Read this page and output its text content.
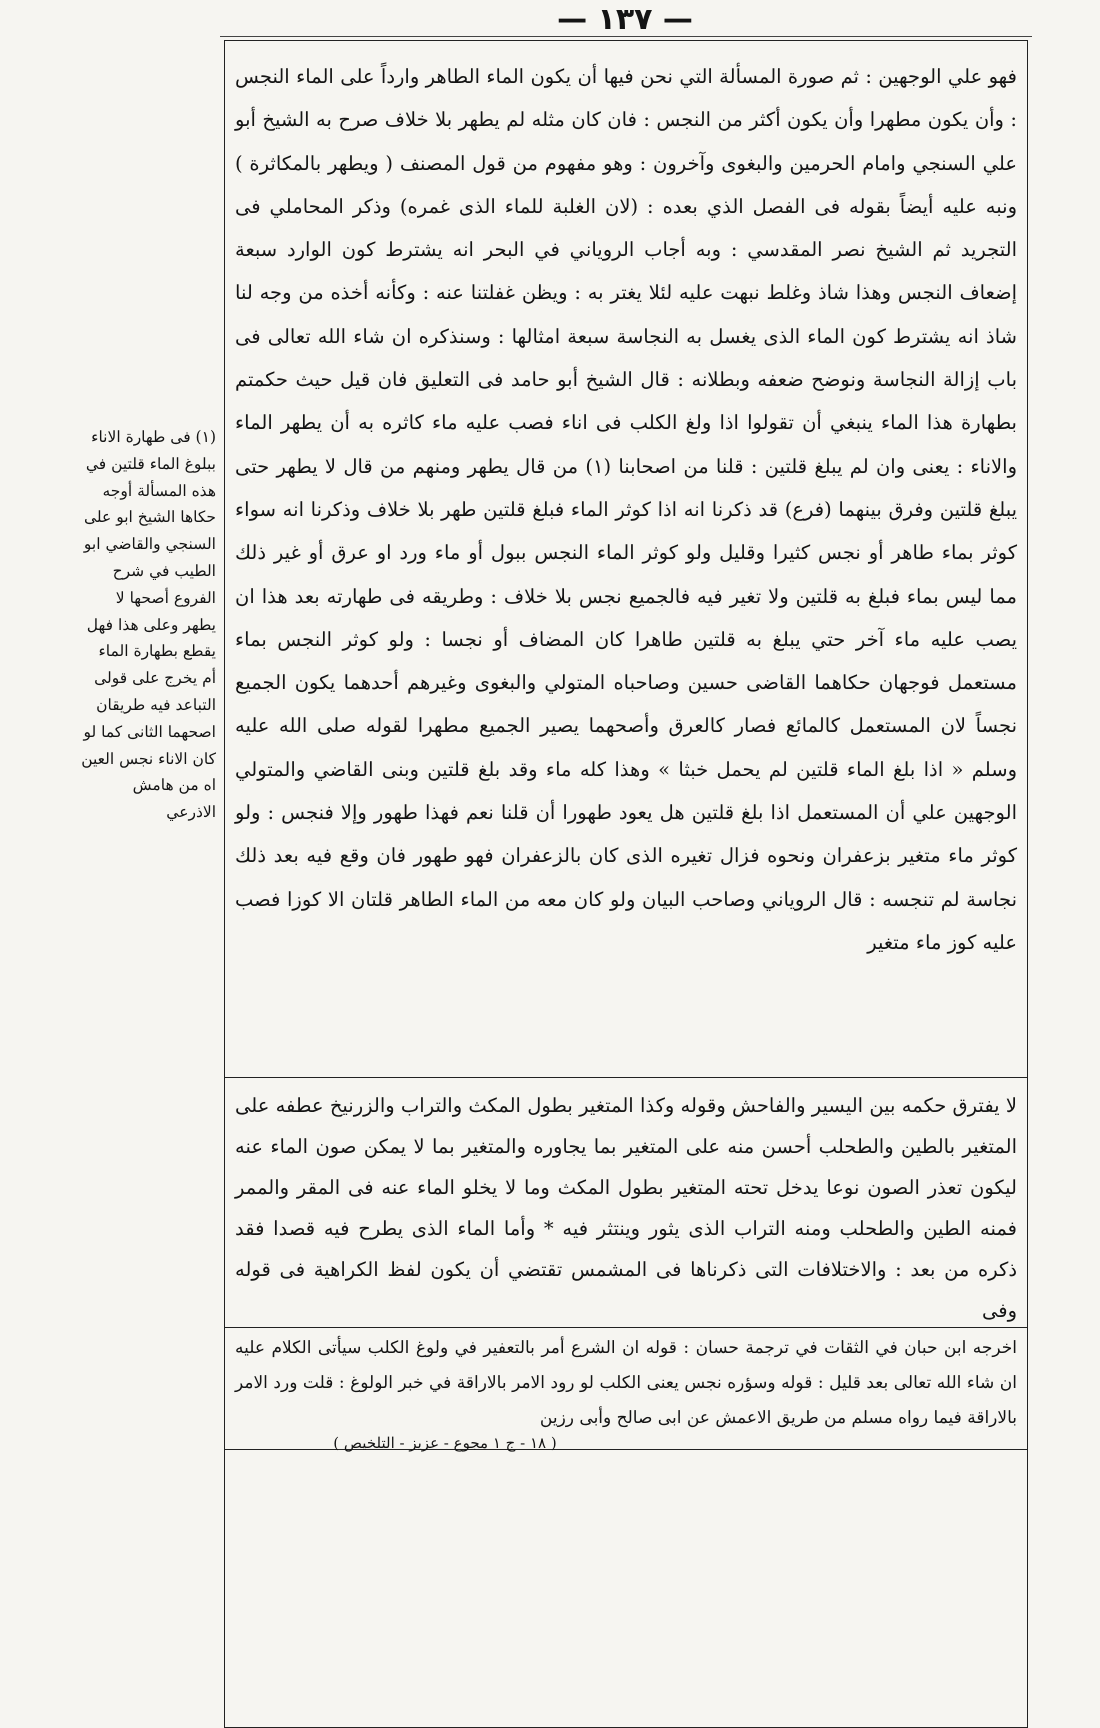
— ١٣٧ —
فهو علي الوجهين : ثم صورة المسألة التي نحن فيها أن يكون الماء الطاهر وارداً على الماء النجس : وأن يكون مطهرا وأن يكون أكثر من النجس : فان كان مثله لم يطهر بلا خلاف صرح به الشيخ أبو علي السنجي وامام الحرمين والبغوى وآخرون : وهو مفهوم من قول المصنف ( ويطهر بالمكاثرة ) ونبه عليه أيضاً بقوله فى الفصل الذي بعده : (لان الغلبة للماء الذى غمره) وذكر المحاملي فى التجريد ثم الشيخ نصر المقدسي : وبه أجاب الروياني في البحر انه يشترط كون الوارد سبعة إضعاف النجس وهذا شاذ وغلط نبهت عليه لئلا يغتر به : ويظن غفلتنا عنه : وكأنه أخذه من وجه لنا شاذ انه يشترط كون الماء الذى يغسل به النجاسة سبعة امثالها : وسنذكره ان شاء الله تعالى فى باب إزالة النجاسة ونوضح ضعفه وبطلانه : قال الشيخ أبو حامد فى التعليق فان قيل حيث حكمتم بطهارة هذا الماء ينبغي أن تقولوا اذا ولغ الكلب فى اناء فصب عليه ماء كاثره به أن يطهر الماء والاناء : يعنى وان لم يبلغ قلتين : قلنا من اصحابنا (١) من قال يطهر ومنهم من قال لا يطهر حتى يبلغ قلتين وفرق بينهما (فرع) قد ذكرنا انه اذا كوثر الماء فبلغ قلتين طهر بلا خلاف وذكرنا انه سواء كوثر بماء طاهر أو نجس كثيرا وقليل ولو كوثر الماء النجس ببول أو ماء ورد او عرق أو غير ذلك مما ليس بماء فبلغ به قلتين ولا تغير فيه فالجميع نجس بلا خلاف : وطريقه فى طهارته بعد هذا ان يصب عليه ماء آخر حتي يبلغ به قلتين طاهرا كان المضاف أو نجسا : ولو كوثر النجس بماء مستعمل فوجهان حكاهما القاضى حسين وصاحباه المتولي والبغوى وغيرهم أحدهما يكون الجميع نجساً لان المستعمل كالمائع فصار كالعرق وأصحهما يصير الجميع مطهرا لقوله صلى الله عليه وسلم « اذا بلغ الماء قلتين لم يحمل خبثا » وهذا كله ماء وقد بلغ قلتين وبنى القاضي والمتولي الوجهين علي أن المستعمل اذا بلغ قلتين هل يعود طهورا أن قلنا نعم فهذا طهور وإلا فنجس : ولو كوثر ماء متغير بزعفران ونحوه فزال تغيره الذى كان بالزعفران فهو طهور فان وقع فيه بعد ذلك نجاسة لم تنجسه : قال الروياني وصاحب البيان ولو كان معه من الماء الطاهر قلتان الا كوزا فصب عليه كوز ماء متغير
لا يفترق حكمه بين اليسير والفاحش وقوله وكذا المتغير بطول المكث والتراب والزرنيخ عطفه على المتغير بالطين والطحلب أحسن منه على المتغير بما يجاوره والمتغير بما لا يمكن صون الماء عنه ليكون تعذر الصون نوعا يدخل تحته المتغير بطول المكث وما لا يخلو الماء عنه فى المقر والممر فمنه الطين والطحلب ومنه التراب الذى يثور وينتثر فيه * وأما الماء الذى يطرح فيه قصدا فقد ذكره من بعد : والاختلافات التى ذكرناها فى المشمس تقتضي أن يكون لفظ الكراهية فى قوله وفى
اخرجه ابن حبان في الثقات في ترجمة حسان : قوله ان الشرع أمر بالتعفير في ولوغ الكلب سيأتى الكلام عليه ان شاء الله تعالى بعد قليل : قوله وسؤره نجس يعنى الكلب لو رود الامر بالاراقة في خبر الولوغ : قلت ورد الامر بالاراقة فيما رواه مسلم من طريق الاعمش عن ابى صالح وأبى رزين
(١) فى طهارة الاناء ببلوغ الماء قلتين في هذه المسألة أوجه حكاها الشيخ ابو على السنجي والقاضي ابو الطيب في شرح الفروع أصحها لا يطهر وعلى هذا فهل يقطع بطهارة الماء أم يخرج على قولى التباعد فيه طريقان اصحهما الثانى كما لو كان الاناء نجس العين اه من هامش الاذرعي
( ١٨ - ج ١ مجوع - عزيز - التلخيص )
